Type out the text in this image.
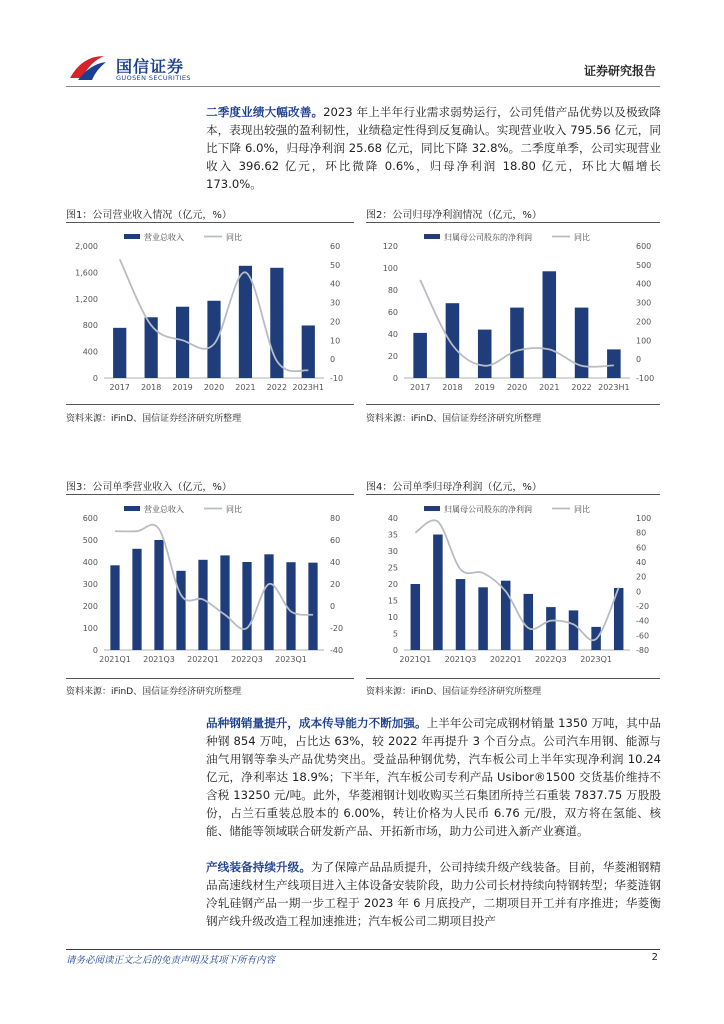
国信证券
GUOSEN SECURITIES	证券研究报告
二季度业绩大幅改善。2023 年上半年行业需求弱势运行，公司凭借产品优势以及极致降本，表现出较强的盈利韧性，业绩稳定性得到反复确认。实现营业收入 795.56 亿元，同比下降 6.0%，归母净利润 25.68 亿元，同比下降 32.8%。二季度单季，公司实现营业收入 396.62 亿元，环比微降 0.6%，归母净利润 18.80 亿元，环比大幅增长 173.0%。
图1：公司营业收入情况（亿元，%）
0
400
800
1,200
1,600
2,000
-10
0
10
20
30
40
50
60
2017 2018 2019 2020 2021 2022 2023H1
营业总收入	同比
资料来源：iFinD、国信证券经济研究所整理
图2：公司归母净利润情况（亿元，%）
0
20
40
60
80
100
120
-100
0
100
200
300
400
500
600
2017 2018 2019 2020 2021 2022 2023H1
归属母公司股东的净利润	同比
资料来源：iFinD、国信证券经济研究所整理
图3：公司单季营业收入（亿元，%）
0
100
200
300
400
500
600
-40
-20
0
20
40
60
80
2021Q1 2021Q3 2022Q1 2022Q3 2023Q1
营业总收入	同比
资料来源：iFinD、国信证券经济研究所整理
图4：公司单季归母净利润（亿元，%）
0
5
10
15
20
25
30
35
40
-80
-60
-40
-20
0
20
40
60
80
100
2021Q1 2021Q3 2022Q1 2022Q3 2023Q1
归属母公司股东的净利润	同比
资料来源：iFinD、国信证券经济研究所整理
品种钢销量提升，成本传导能力不断加强。上半年公司完成钢材销量 1350 万吨，其中品种钢 854 万吨，占比达 63%，较 2022 年再提升 3 个百分点。公司汽车用钢、能源与油气用钢等拳头产品优势突出。受益品种钢优势，汽车板公司上半年实现净利润 10.24 亿元，净利率达 18.9%；下半年，汽车板公司专利产品 Usibor®1500 交货基价维持不含税 13250 元/吨。此外，华菱湘钢计划收购买兰石集团所持兰石重装 7837.75 万股股份，占兰石重装总股本的 6.00%，转让价格为人民币 6.76 元/股，双方将在氢能、核能、储能等领域联合研发新产品、开拓新市场，助力公司进入新产业赛道。
产线装备持续升级。为了保障产品品质提升，公司持续升级产线装备。目前，华菱湘钢精品高速线材生产线项目进入主体设备安装阶段，助力公司长材持续向特钢转型；华菱涟钢冷轧硅钢产品一期一步工程于 2023 年 6 月底投产，二期项目开工并有序推进；华菱衡钢产线升级改造工程加速推进；汽车板公司二期项目投产
请务必阅读正文之后的免责声明及其项下所有内容	2
